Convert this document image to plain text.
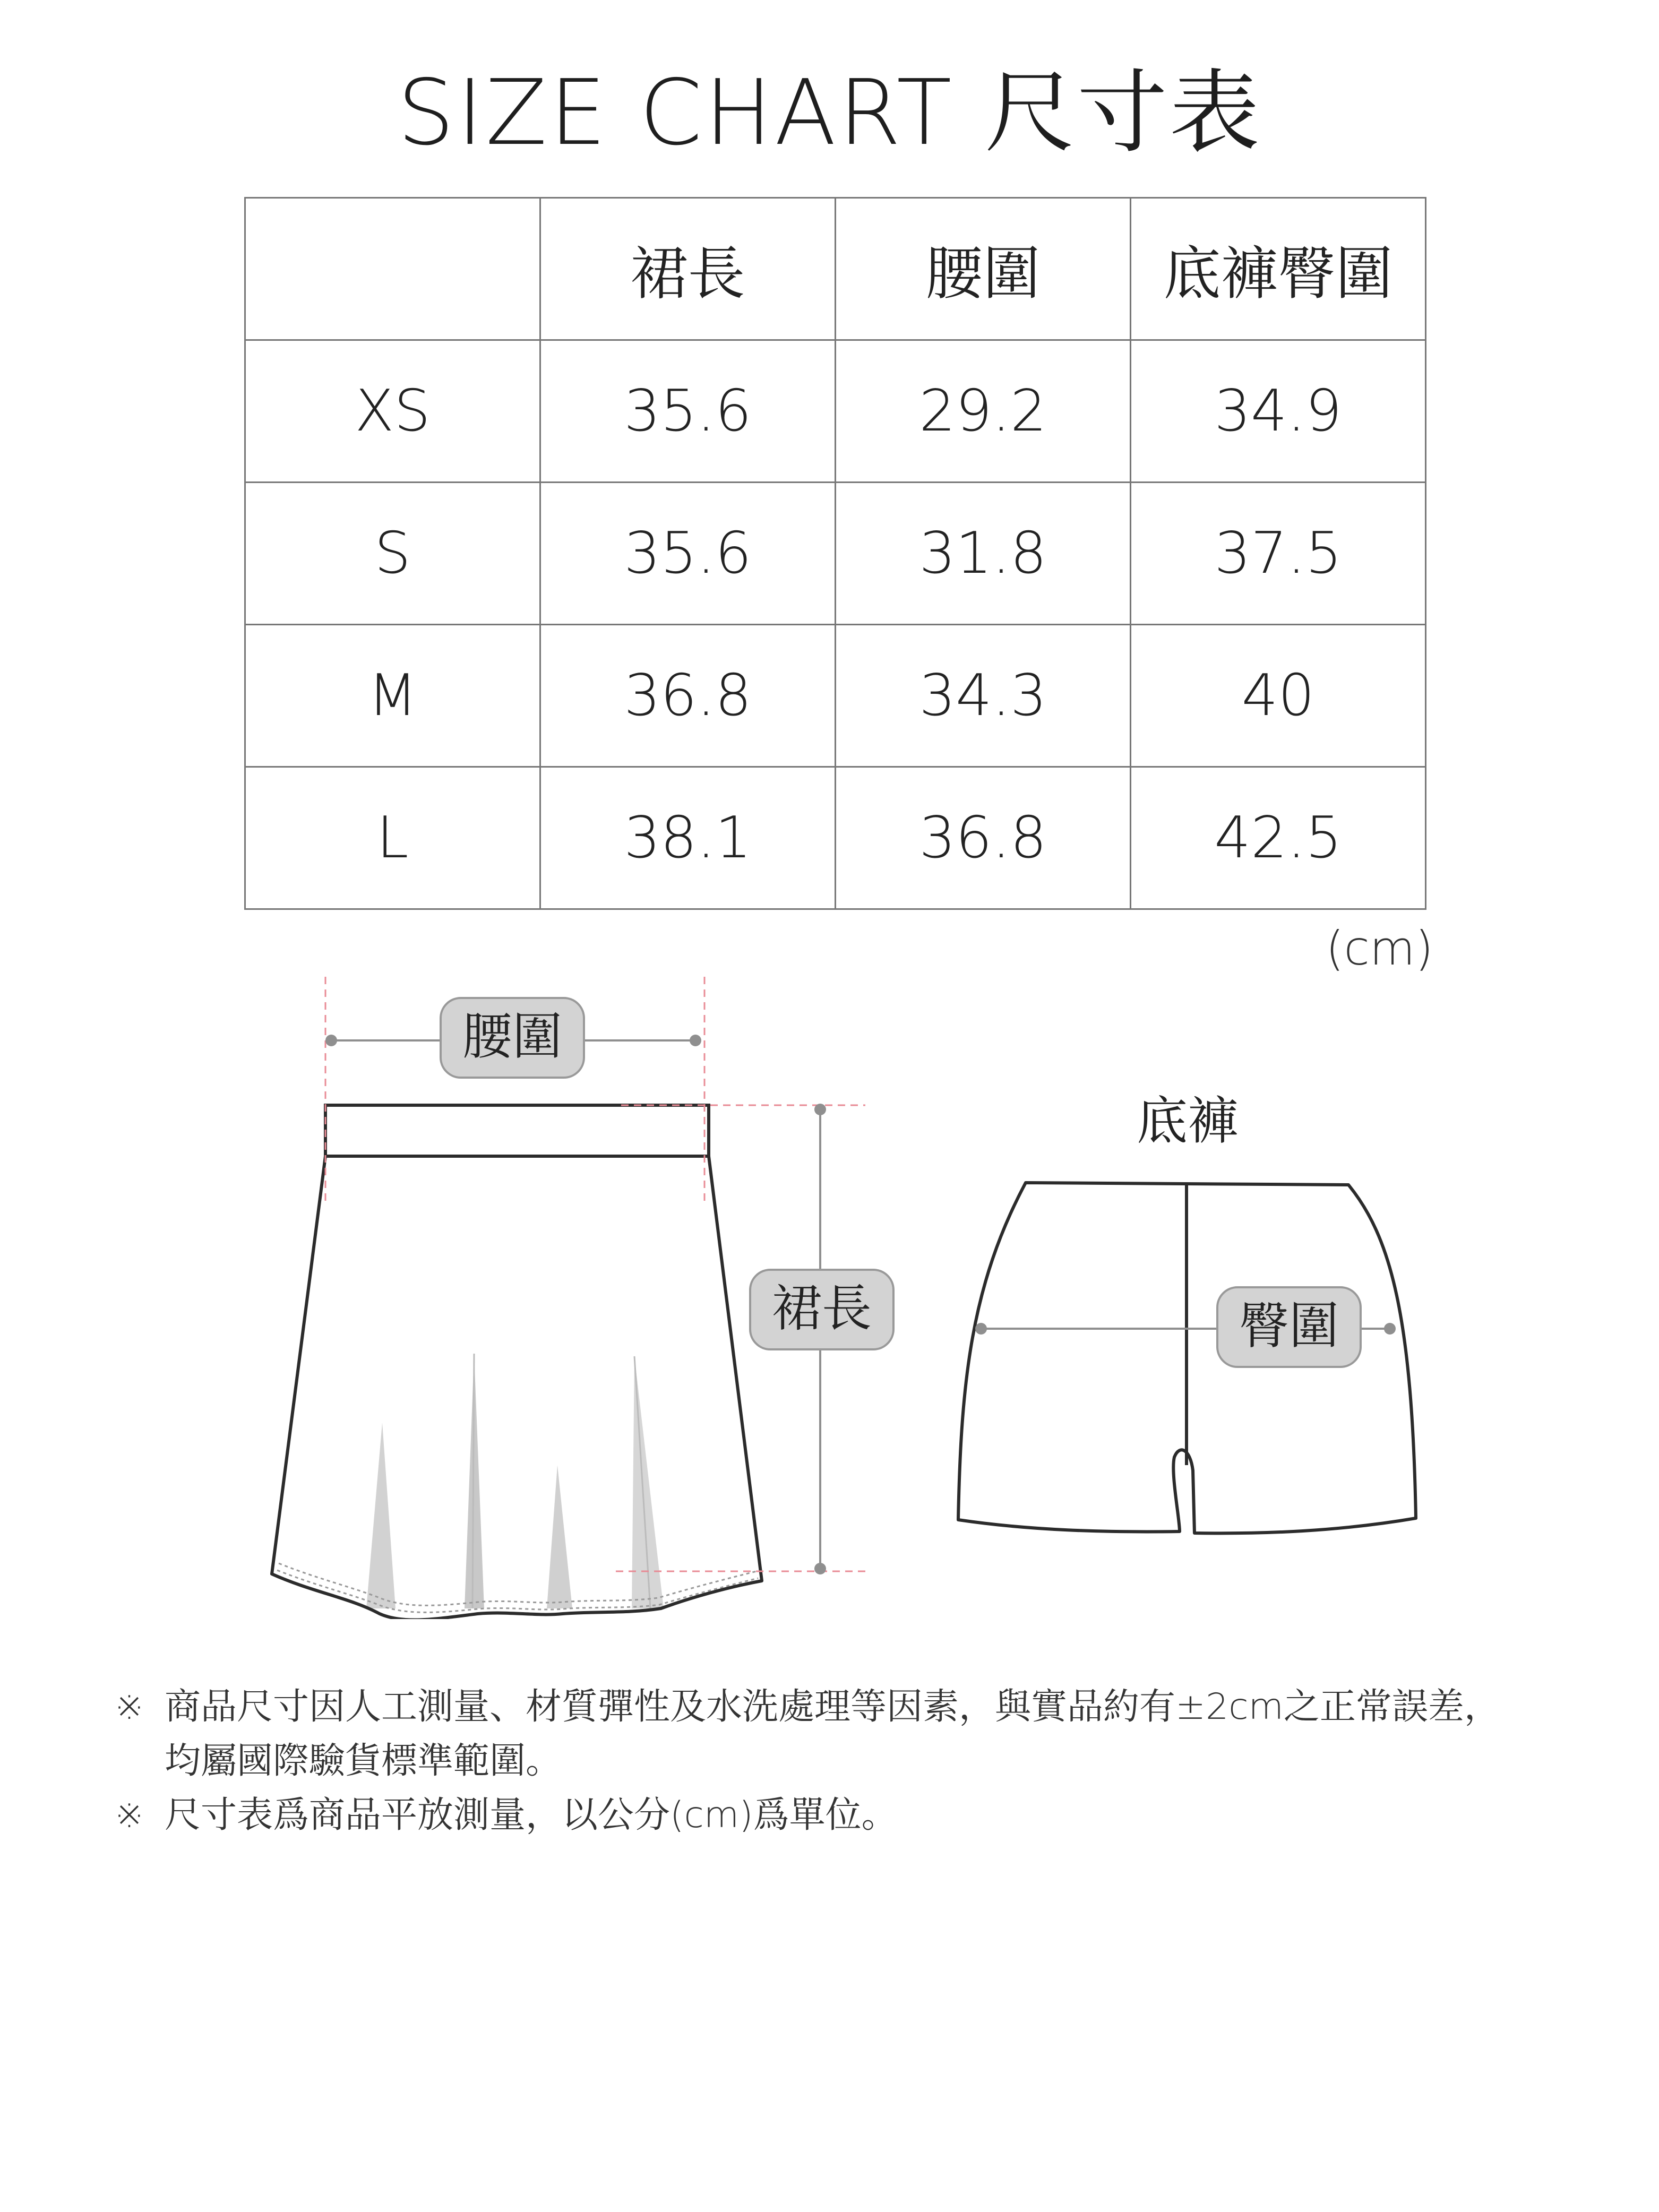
SIZE CHART 尺寸表
	裙長	腰圍	底褲臀圍
XS	35.6	29.2	34.9
S	35.6	31.8	37.5
M	36.8	34.3	40
L	38.1	36.8	42.5
(cm)
腰圍
裙長
底褲
臀圍
※ 商品尺寸因人工測量、材質彈性及水洗處理等因素，與實品約有±2cm之正常誤差，
均屬國際驗貨標準範圍。
※ 尺寸表爲商品平放測量，以公分(cm)爲單位。
